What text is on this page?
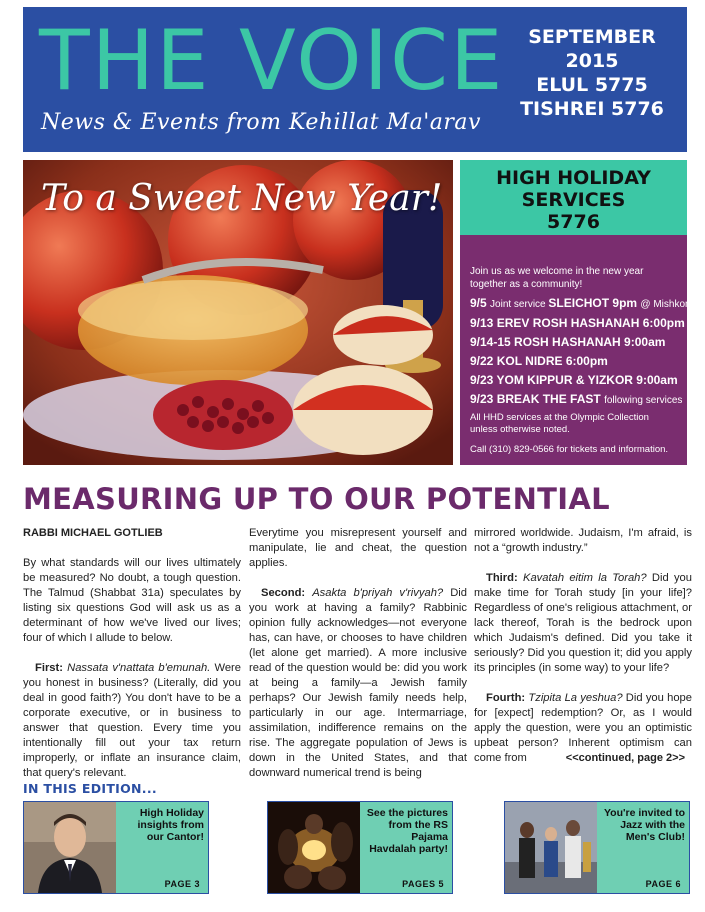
THE VOICE
News & Events from Kehillat Ma'arav
SEPTEMBER
2015
ELUL 5775
TISHREI 5776
To a Sweet New Year!	HIGH HOLIDAY
SERVICES
5776
Join us as we welcome in the new year together as a community!
9/5 Joint service SLEICHOT 9pm @ Mishkon
9/13 EREV ROSH HASHANAH 6:00pm
9/14-15 ROSH HASHANAH 9:00am
9/22 KOL NIDRE 6:00pm
9/23 YOM KIPPUR & YIZKOR 9:00am
9/23 BREAK THE FAST following services
All HHD services at the Olympic Collection unless otherwise noted.
Call (310) 829-0566 for tickets and information.
MEASURING UP TO OUR POTENTIAL

RABBI MICHAEL GOTLIEB

By what standards will our lives ultimately be measured? No doubt, a tough question. The Talmud (Shabbat 31a) speculates by listing six questions God will ask us as a determinant of how we've lived our lives; four of which I allude to below.

First: Nassata v'nattata b'emunah. Were you honest in business? (Literally, did you deal in good faith?) You don't have to be a corporate executive, or in business to answer that question. Every time you intentionally fill out your tax return improperly, or inflate an insurance claim, that query's relevant.

Everytime you misrepresent yourself and manipulate, lie and cheat, the question applies.

Second: Asakta b'priyah v'rivyah? Did you work at having a family? Rabbinic opinion fully acknowledges—not everyone has, can have, or chooses to have children (let alone get married). A more inclusive read of the question would be: did you work at being a family—a Jewish family perhaps? Our Jewish family needs help, particularly in our age. Intermarriage, assimilation, indifference remains on the rise. The aggregate population of Jews is down in the United States, and that downward numerical trend is being

mirrored worldwide. Judaism, I'm afraid, is not a “growth industry.”

Third: Kavatah eitim la Torah? Did you make time for Torah study [in your life]? Regardless of one's religious attachment, or lack thereof, Torah is the bedrock upon which Judaism's defined. Did you take it seriously? Did you question it; did you apply its principles (in some way) to your life?

Fourth: Tzipita La yeshua? Did you hope for [expect] redemption? Or, as I would apply the question, were you an optimistic upbeat person? Inherent optimism can come from	<<continued, page 2>>
IN THIS EDITION...
High Holiday insights from our Cantor!
PAGE 3
See the pictures from the RS Pajama Havdalah party!
PAGES 5
You're invited to Jazz with the Men's Club!
PAGE 6
